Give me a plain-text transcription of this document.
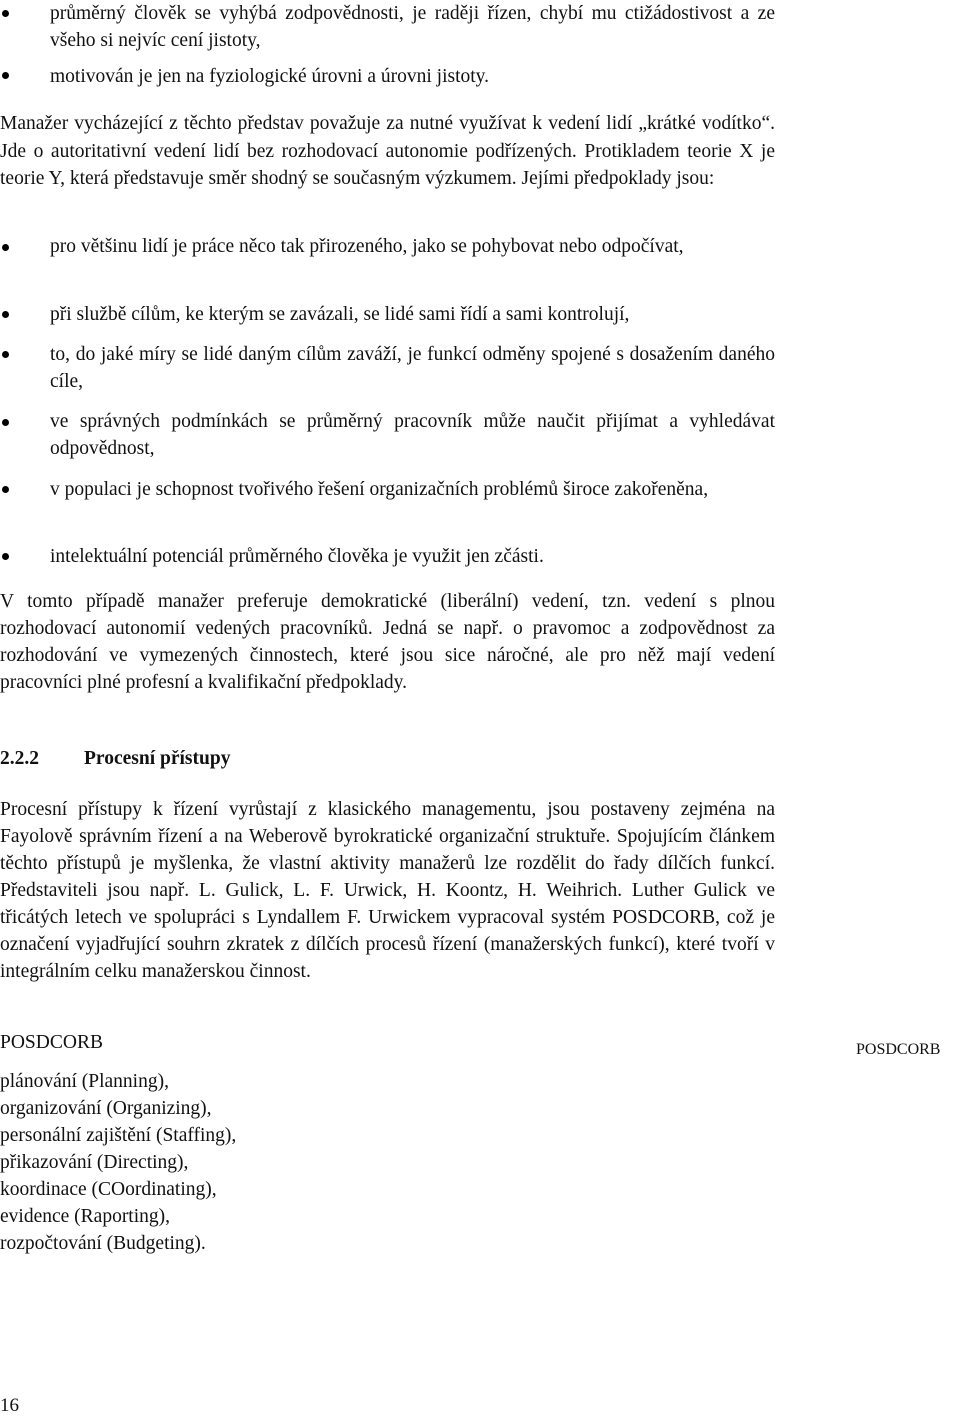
průměrný člověk se vyhýbá zodpovědnosti, je raději řízen, chybí mu ctižádostivost a ze všeho si nejvíc cení jistoty,
motivován je jen na fyziologické úrovni a úrovni jistoty.
Manažer vycházející z těchto představ považuje za nutné využívat k vedení lidí „krátké vodítko“. Jde o autoritativní vedení lidí bez rozhodovací autonomie podřízených. Protikladem teorie X je teorie Y, která představuje směr shodný se současným výzkumem. Jejími předpoklady jsou:
pro většinu lidí je práce něco tak přirozeného, jako se pohybovat nebo odpočívat,
při službě cílům, ke kterým se zavázali, se lidé sami řídí a sami kontrolují,
to, do jaké míry se lidé daným cílům zaváží, je funkcí odměny spojené s dosažením daného cíle,
ve správných podmínkách se průměrný pracovník může naučit přijímat a vyhledávat odpovědnost,
v populaci je schopnost tvořivého řešení organizačních problémů široce zakořeněna,
intelektuální potenciál průměrného člověka je využit jen zčásti.
V tomto případě manažer preferuje demokratické (liberální) vedení, tzn. vedení s plnou rozhodovací autonomií vedených pracovníků. Jedná se např. o pravomoc a zodpovědnost za rozhodování ve vymezených činnostech, které jsou sice náročné, ale pro něž mají vedení pracovníci plné profesní a kvalifikační předpoklady.
2.2.2 Procesní přístupy
Procesní přístupy k řízení vyrůstají z klasického managementu, jsou postaveny zejména na Fayolově správním řízení a na Weberově byrokratické organizační struktuře. Spojujícím článkem těchto přístupů je myšlenka, že vlastní aktivity manažerů lze rozdělit do řady dílčích funkcí. Představiteli jsou např. L. Gulick, L. F. Urwick, H. Koontz, H. Weihrich. Luther Gulick ve třicátých letech ve spolupráci s Lyndallem F. Urwickem vypracoval systém POSDCORB, což je označení vyjadřující souhrn zkratek z dílčích procesů řízení (manažerských funkcí), které tvoří v integrálním celku manažerskou činnost.
POSDCORB
plánování (Planning),
organizování (Organizing),
personální zajištění (Staffing),
přikazování (Directing),
koordinace (COordinating),
evidence (Raporting),
rozpočtování (Budgeting).
POSDCORB
16
